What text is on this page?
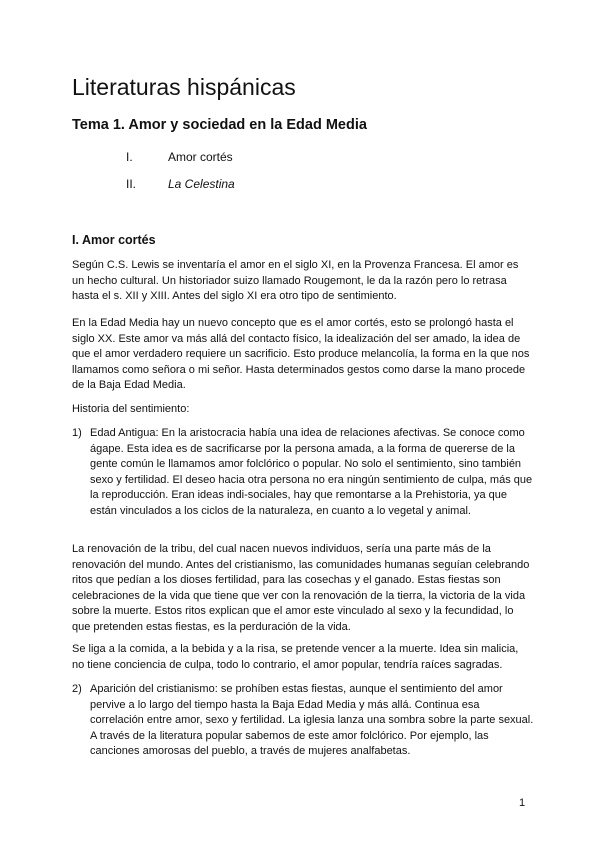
Literaturas hispánicas
Tema 1. Amor y sociedad en la Edad Media
I.	Amor cortés
II.	La Celestina
I. Amor cortés

Según C.S. Lewis se inventaría el amor en el siglo XI, en la Provenza Francesa. El amor es un hecho cultural. Un historiador suizo llamado Rougemont, le da la razón pero lo retrasa hasta el s. XII y XIII. Antes del siglo XI era otro tipo de sentimiento.

En la Edad Media hay un nuevo concepto que es el amor cortés, esto se prolongó hasta el siglo XX. Este amor va más allá del contacto físico, la idealización del ser amado, la idea de que el amor verdadero requiere un sacrificio. Esto produce melancolía, la forma en la que nos llamamos como señora o mi señor. Hasta determinados gestos como darse la mano procede de la Baja Edad Media.

Historia del sentimiento:

1) Edad Antigua: En la aristocracia había una idea de relaciones afectivas. Se conoce como ágape. Esta idea es de sacrificarse por la persona amada, a la forma de quererse de la gente común le llamamos amor folclórico o popular. No solo el sentimiento, sino también sexo y fertilidad. El deseo hacia otra persona no era ningún sentimiento de culpa, más que la reproducción. Eran ideas indi-sociales, hay que remontarse a la Prehistoria, ya que están vinculados a los ciclos de la naturaleza, en cuanto a lo vegetal y animal.

La renovación de la tribu, del cual nacen nuevos individuos, sería una parte más de la renovación del mundo. Antes del cristianismo, las comunidades humanas seguían celebrando ritos que pedían a los dioses fertilidad, para las cosechas y el ganado. Estas fiestas son celebraciones de la vida que tiene que ver con la renovación de la tierra, la victoria de la vida sobre la muerte. Estos ritos explican que el amor este vinculado al sexo y la fecundidad, lo que pretenden estas fiestas, es la perduración de la vida.

Se liga a la comida, a la bebida y a la risa, se pretende vencer a la muerte. Idea sin malicia, no tiene conciencia de culpa, todo lo contrario, el amor popular, tendría raíces sagradas.

2) Aparición del cristianismo: se prohíben estas fiestas, aunque el sentimiento del amor pervive a lo largo del tiempo hasta la Baja Edad Media y más allá. Continua esa correlación entre amor, sexo y fertilidad. La iglesia lanza una sombra sobre la parte sexual. A través de la literatura popular sabemos de este amor folclórico. Por ejemplo, las canciones amorosas del pueblo, a través de mujeres analfabetas.
1
